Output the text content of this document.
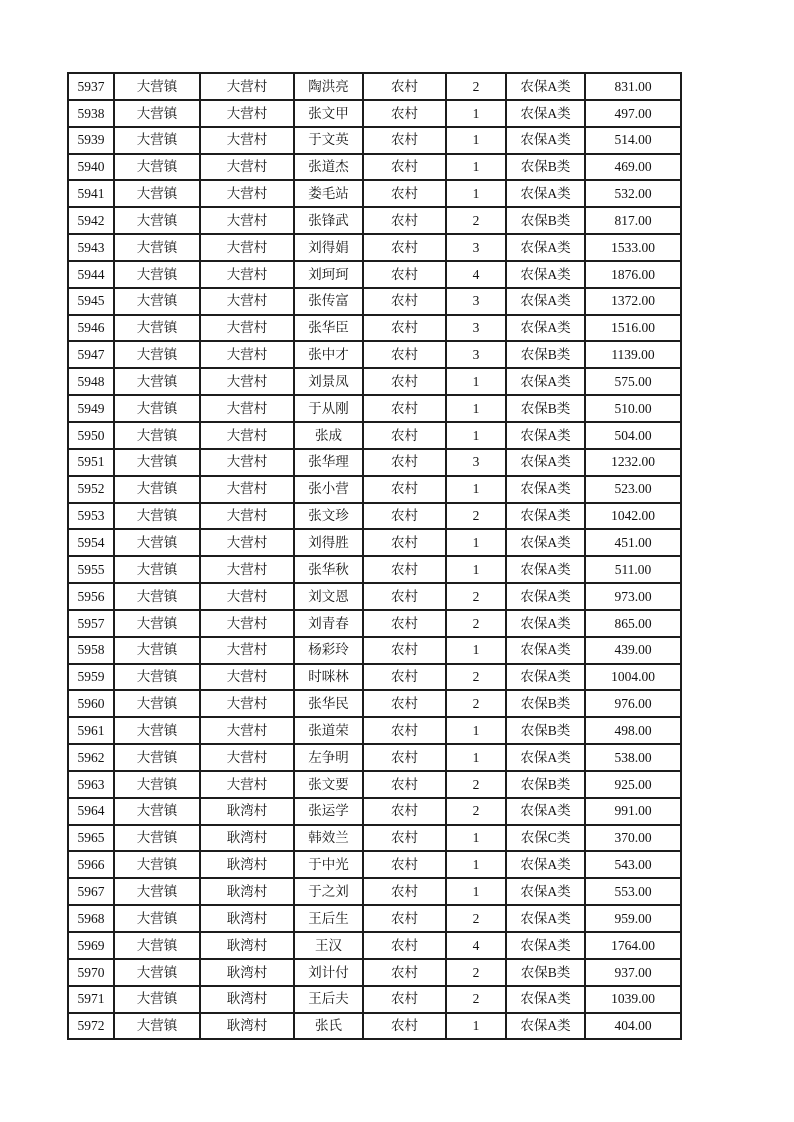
5937	大营镇	大营村	陶洪亮	农村	2	农保A类	831.00
5938	大营镇	大营村	张文甲	农村	1	农保A类	497.00
5939	大营镇	大营村	于文英	农村	1	农保A类	514.00
5940	大营镇	大营村	张道杰	农村	1	农保B类	469.00
5941	大营镇	大营村	娄毛站	农村	1	农保A类	532.00
5942	大营镇	大营村	张锋武	农村	2	农保B类	817.00
5943	大营镇	大营村	刘得娟	农村	3	农保A类	1533.00
5944	大营镇	大营村	刘珂珂	农村	4	农保A类	1876.00
5945	大营镇	大营村	张传富	农村	3	农保A类	1372.00
5946	大营镇	大营村	张华臣	农村	3	农保A类	1516.00
5947	大营镇	大营村	张中才	农村	3	农保B类	1139.00
5948	大营镇	大营村	刘景凤	农村	1	农保A类	575.00
5949	大营镇	大营村	于从刚	农村	1	农保B类	510.00
5950	大营镇	大营村	张成	农村	1	农保A类	504.00
5951	大营镇	大营村	张华理	农村	3	农保A类	1232.00
5952	大营镇	大营村	张小营	农村	1	农保A类	523.00
5953	大营镇	大营村	张文珍	农村	2	农保A类	1042.00
5954	大营镇	大营村	刘得胜	农村	1	农保A类	451.00
5955	大营镇	大营村	张华秋	农村	1	农保A类	511.00
5956	大营镇	大营村	刘文恩	农村	2	农保A类	973.00
5957	大营镇	大营村	刘青春	农村	2	农保A类	865.00
5958	大营镇	大营村	杨彩玲	农村	1	农保A类	439.00
5959	大营镇	大营村	时咪林	农村	2	农保A类	1004.00
5960	大营镇	大营村	张华民	农村	2	农保B类	976.00
5961	大营镇	大营村	张道荣	农村	1	农保B类	498.00
5962	大营镇	大营村	左争明	农村	1	农保A类	538.00
5963	大营镇	大营村	张文要	农村	2	农保B类	925.00
5964	大营镇	耿湾村	张运学	农村	2	农保A类	991.00
5965	大营镇	耿湾村	韩效兰	农村	1	农保C类	370.00
5966	大营镇	耿湾村	于中光	农村	1	农保A类	543.00
5967	大营镇	耿湾村	于之刘	农村	1	农保A类	553.00
5968	大营镇	耿湾村	王后生	农村	2	农保A类	959.00
5969	大营镇	耿湾村	王汉	农村	4	农保A类	1764.00
5970	大营镇	耿湾村	刘计付	农村	2	农保B类	937.00
5971	大营镇	耿湾村	王后夫	农村	2	农保A类	1039.00
5972	大营镇	耿湾村	张氏	农村	1	农保A类	404.00
